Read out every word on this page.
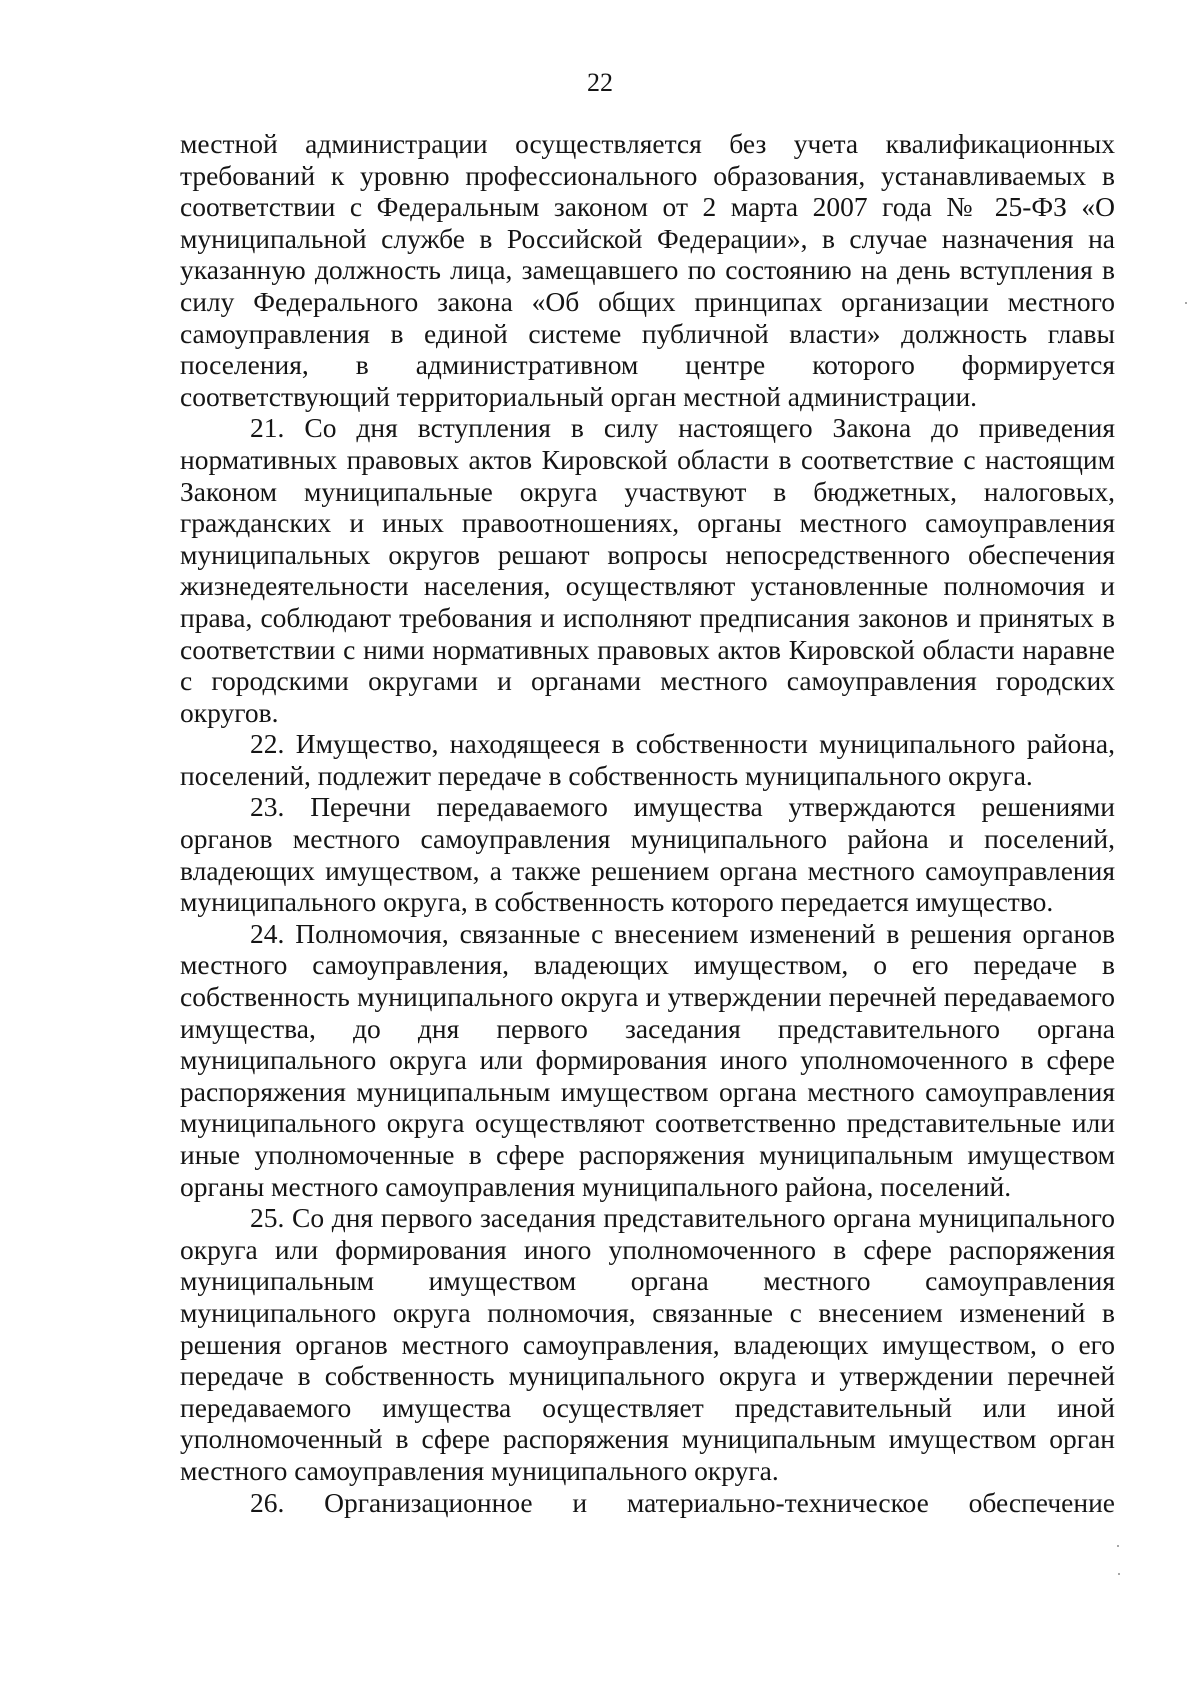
22

местной администрации осуществляется без учета квалификационных требований к уровню профессионального образования, устанавливаемых в соответствии с Федеральным законом от 2 марта 2007 года № 25-ФЗ «О муниципальной службе в Российской Федерации», в случае назначения на указанную должность лица, замещавшего по состоянию на день вступления в силу Федерального закона «Об общих принципах организации местного самоуправления в единой системе публичной власти» должность главы поселения, в административном центре которого формируется соответствующий территориальный орган местной администрации.

21. Со дня вступления в силу настоящего Закона до приведения нормативных правовых актов Кировской области в соответствие с настоящим Законом муниципальные округа участвуют в бюджетных, налоговых, гражданских и иных правоотношениях, органы местного самоуправления муниципальных округов решают вопросы непосредственного обеспечения жизнедеятельности населения, осуществляют установленные полномочия и права, соблюдают требования и исполняют предписания законов и принятых в соответствии с ними нормативных правовых актов Кировской области наравне с городскими округами и органами местного самоуправления городских округов.

22. Имущество, находящееся в собственности муниципального района, поселений, подлежит передаче в собственность муниципального округа.

23. Перечни передаваемого имущества утверждаются решениями органов местного самоуправления муниципального района и поселений, владеющих имуществом, а также решением органа местного самоуправления муниципального округа, в собственность которого передается имущество.

24. Полномочия, связанные с внесением изменений в решения органов местного самоуправления, владеющих имуществом, о его передаче в собственность муниципального округа и утверждении перечней передаваемого имущества, до дня первого заседания представительного органа муниципального округа или формирования иного уполномоченного в сфере распоряжения муниципальным имуществом органа местного самоуправления муниципального округа осуществляют соответственно представительные или иные уполномоченные в сфере распоряжения муниципальным имуществом органы местного самоуправления муниципального района, поселений.

25. Со дня первого заседания представительного органа муниципального округа или формирования иного уполномоченного в сфере распоряжения муниципальным имуществом органа местного самоуправления муниципального округа полномочия, связанные с внесением изменений в решения органов местного самоуправления, владеющих имуществом, о его передаче в собственность муниципального округа и утверждении перечней передаваемого имущества осуществляет представительный или иной уполномоченный в сфере распоряжения муниципальным имуществом орган местного самоуправления муниципального округа.

26. Организационное и материально-техническое обеспечение
